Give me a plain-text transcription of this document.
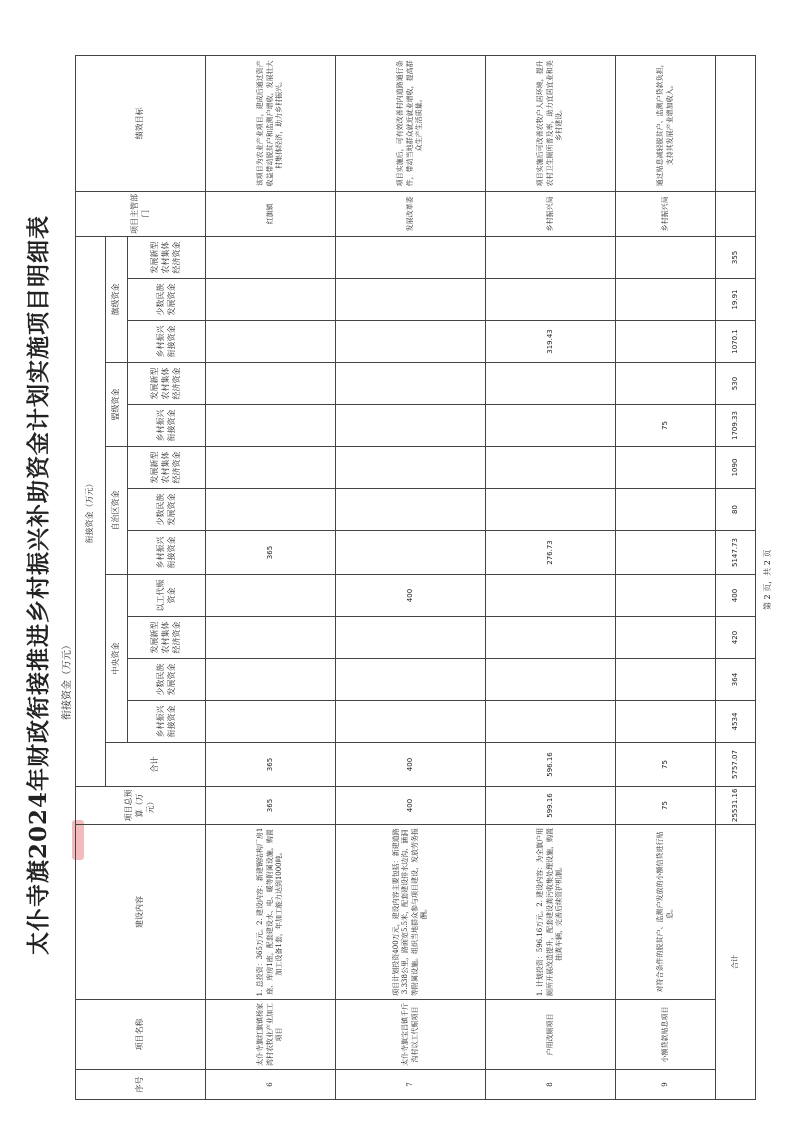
太仆寺旗2024年财政衔接推进乡村振兴补助资金计划实施项目明细表	衔接资金（万元）
序号	项目名称	建设内容	项目总预算（万元）	衔接资金（万元）													项目主管部门	绩效目标
				合计	中央资金				自治区资金			盟级资金		旗级资金				
					乡村振兴衔接资金	少数民族发展资金	发展新型农村集体经济资金	以工代赈资金	乡村振兴衔接资金	少数民族发展资金	发展新型农村集体经济资金	乡村振兴衔接资金	发展新型农村集体经济资金	乡村振兴衔接资金	少数民族发展资金	发展新型农村集体经济资金		
6	太仆寺旗红旗镇杨家湾村农牧业产业加工项目	1. 总投资：365万元。2. 建设内容：新建钢结构厂房1座、库房1座，配套建设水、电、暖等附属设施，购置加工设备1套，年加工能力达到1000吨。	365	365					365								红旗镇	该项目为农业产业项目，建成后通过资产收益带动脱贫户和监测户增收，发展壮大村集体经济，助力乡村振兴。
7	太仆寺旗宝昌镇千斤沟村以工代赈项目	项目计划投资400万元，建设内容主要包括：新建道路3.338公里，路面宽5.5米，配套建设排水边沟、涵洞等附属设施。组织当地群众参与项目建设，发放劳务报酬。	400	400				400									发展改革委	项目实施后，可有效改善村内道路通行条件，带动当地群众就近就业增收，提高群众生产生活质量。
8	户用改厕项目	1. 计划投资：596.16万元。2. 建设内容：为全旗户用厕所开展改造提升，配套建设粪污收集处理设施，购置抽粪车辆，完善后续管护机制。	599.16	596.16					276.73					319.43			乡村振兴局	项目实施后可改善农牧户人居环境，提升农村卫生厕所普及率，助力宜居宜业和美乡村建设。
9	小额贷款贴息项目	对符合条件的脱贫户、监测户发放的小额信贷进行贴息。	75	75								75					乡村振兴局	通过贴息减轻脱贫户、监测户贷款负担，支持其发展产业增加收入。
合计			25531.16	5757.07	4534	364	420	400	5147.73	80	1090	1709.33	530	1070.1	19.91	355		
第 2 页，共 2 页
